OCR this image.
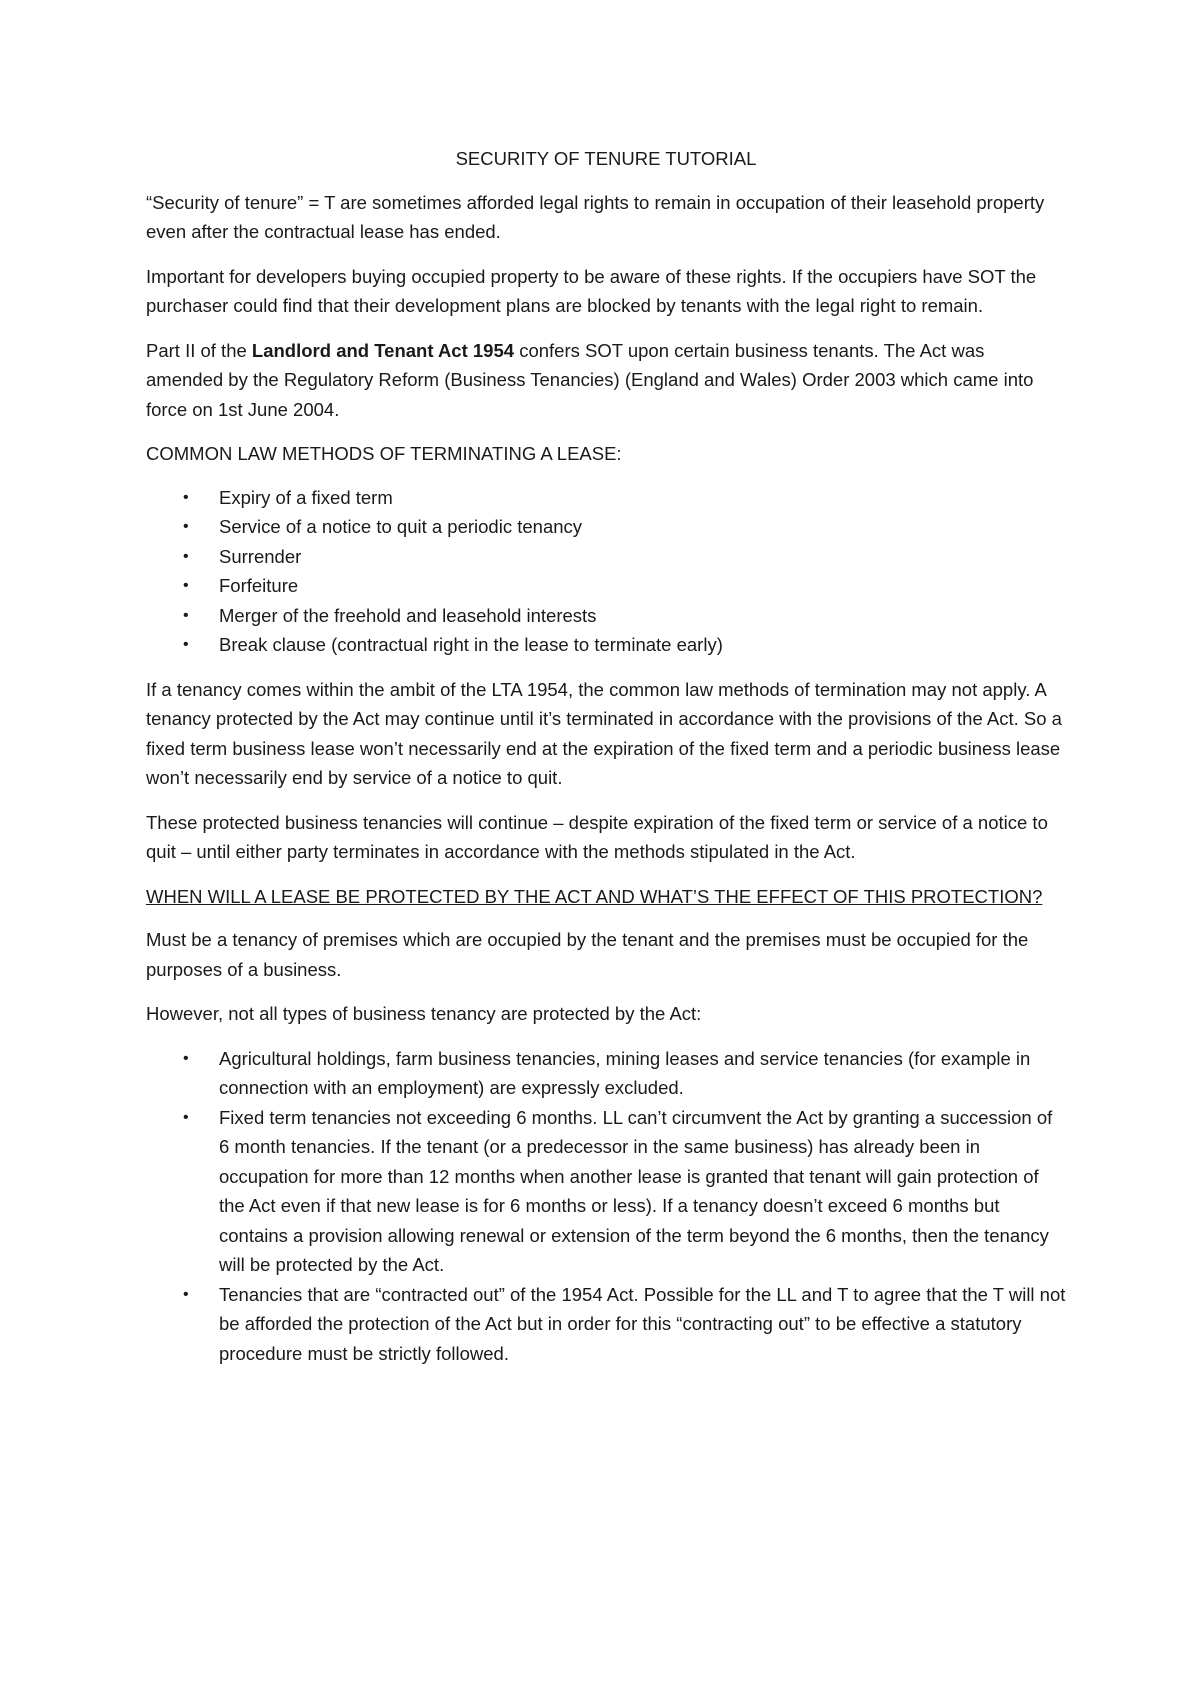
SECURITY OF TENURE TUTORIAL

“Security of tenure” = T are sometimes afforded legal rights to remain in occupation of their leasehold property even after the contractual lease has ended.

Important for developers buying occupied property to be aware of these rights. If the occupiers have SOT the purchaser could find that their development plans are blocked by tenants with the legal right to remain.

Part II of the Landlord and Tenant Act 1954 confers SOT upon certain business tenants. The Act was amended by the Regulatory Reform (Business Tenancies) (England and Wales) Order 2003 which came into force on 1st June 2004.

COMMON LAW METHODS OF TERMINATING A LEASE:
• Expiry of a fixed term
• Service of a notice to quit a periodic tenancy
• Surrender
• Forfeiture
• Merger of the freehold and leasehold interests
• Break clause (contractual right in the lease to terminate early)

If a tenancy comes within the ambit of the LTA 1954, the common law methods of termination may not apply. A tenancy protected by the Act may continue until it’s terminated in accordance with the provisions of the Act. So a fixed term business lease won’t necessarily end at the expiration of the fixed term and a periodic business lease won’t necessarily end by service of a notice to quit.

These protected business tenancies will continue – despite expiration of the fixed term or service of a notice to quit – until either party terminates in accordance with the methods stipulated in the Act.

WHEN WILL A LEASE BE PROTECTED BY THE ACT AND WHAT’S THE EFFECT OF THIS PROTECTION?

Must be a tenancy of premises which are occupied by the tenant and the premises must be occupied for the purposes of a business.

However, not all types of business tenancy are protected by the Act:

• Agricultural holdings, farm business tenancies, mining leases and service tenancies (for example in connection with an employment) are expressly excluded.
• Fixed term tenancies not exceeding 6 months. LL can’t circumvent the Act by granting a succession of 6 month tenancies. If the tenant (or a predecessor in the same business) has already been in occupation for more than 12 months when another lease is granted that tenant will gain protection of the Act even if that new lease is for 6 months or less). If a tenancy doesn’t exceed 6 months but contains a provision allowing renewal or extension of the term beyond the 6 months, then the tenancy will be protected by the Act.
• Tenancies that are “contracted out” of the 1954 Act. Possible for the LL and T to agree that the T will not be afforded the protection of the Act but in order for this “contracting out” to be effective a statutory procedure must be strictly followed.
